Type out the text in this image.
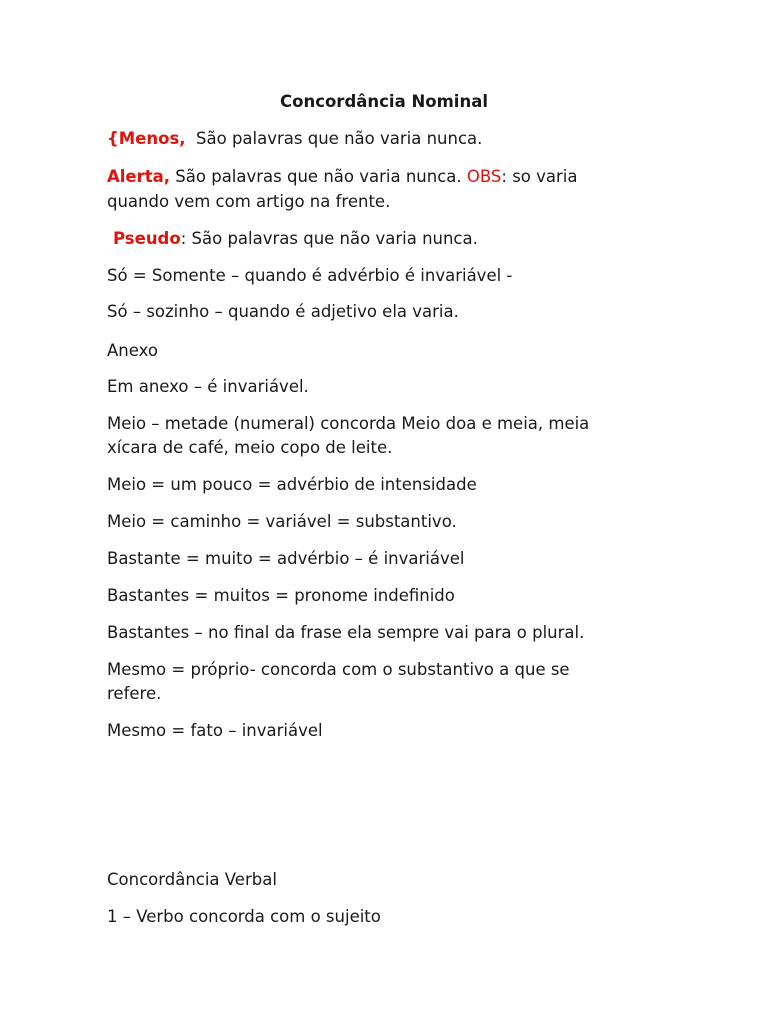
Concordância Nominal
{Menos, São palavras que não varia nunca.
Alerta, São palavras que não varia nunca. OBS: so varia
quando vem com artigo na frente.
Pseudo: São palavras que não varia nunca.
Só = Somente – quando é advérbio é invariável -
Só – sozinho – quando é adjetivo ela varia.
Anexo
Em anexo – é invariável.
Meio – metade (numeral) concorda Meio doa e meia, meia
xícara de café, meio copo de leite.
Meio = um pouco = advérbio de intensidade
Meio = caminho = variável = substantivo.
Bastante = muito = advérbio – é invariável
Bastantes = muitos = pronome indefinido
Bastantes – no final da frase ela sempre vai para o plural.
Mesmo = próprio- concorda com o substantivo a que se
refere.
Mesmo = fato – invariável
Concordância Verbal
1 – Verbo concorda com o sujeito
